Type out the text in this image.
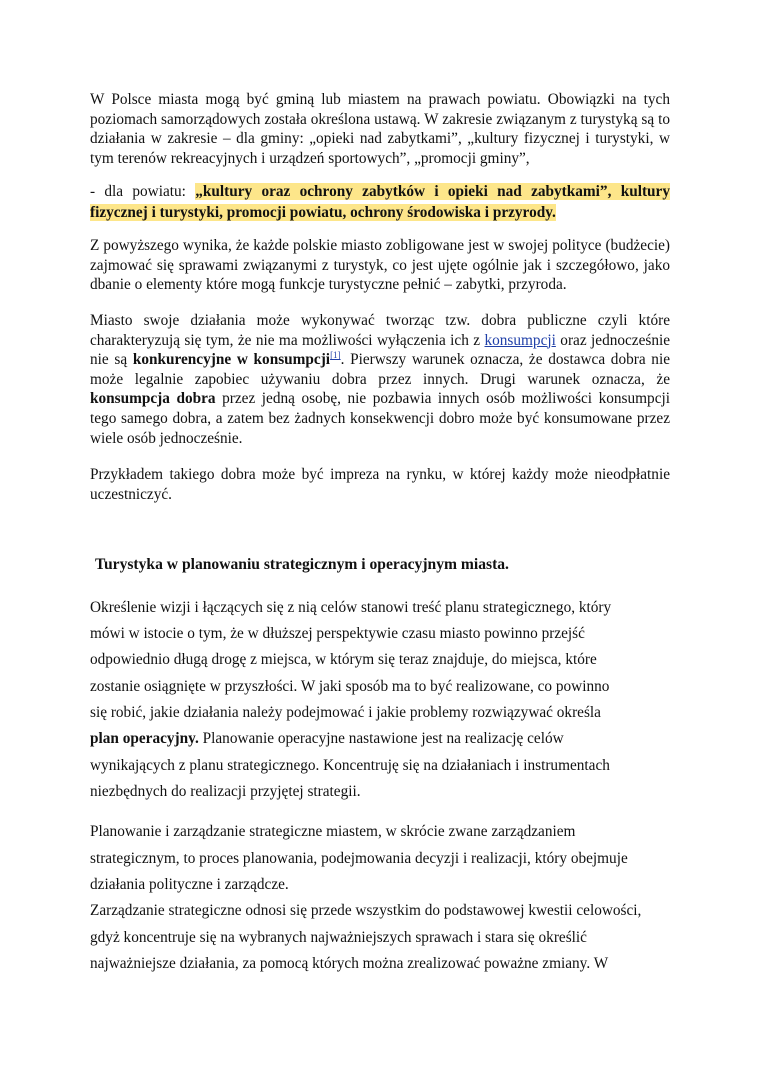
W Polsce miasta mogą być gminą lub miastem na prawach powiatu. Obowiązki na tych poziomach samorządowych została określona ustawą. W zakresie związanym z turystyką są to działania w zakresie – dla gminy: „opieki nad zabytkami”, „kultury fizycznej i turystyki, w tym terenów rekreacyjnych i urządzeń sportowych”, „promocji gminy”,

- dla powiatu: „kultury oraz ochrony zabytków i opieki nad zabytkami”, kultury fizycznej i turystyki, promocji powiatu, ochrony środowiska i przyrody.

Z powyższego wynika, że każde polskie miasto zobligowane jest w swojej polityce (budżecie) zajmować się sprawami związanymi z turystyk, co jest ujęte ogólnie jak i szczegółowo, jako dbanie o elementy które mogą funkcje turystyczne pełnić – zabytki, przyroda.

Miasto swoje działania może wykonywać tworząc tzw. dobra publiczne czyli które charakteryzują się tym, że nie ma możliwości wyłączenia ich z konsumpcji oraz jednocześnie nie są konkurencyjne w konsumpcji[1]. Pierwszy warunek oznacza, że dostawca dobra nie może legalnie zapobiec używaniu dobra przez innych. Drugi warunek oznacza, że konsumpcja dobra przez jedną osobę, nie pozbawia innych osób możliwości konsumpcji tego samego dobra, a zatem bez żadnych konsekwencji dobro może być konsumowane przez wiele osób jednocześnie.

Przykładem takiego dobra może być impreza na rynku, w której każdy może nieodpłatnie uczestniczyć.

Turystyka w planowaniu strategicznym i operacyjnym miasta.
Określenie wizji i łączących się z nią celów stanowi treść planu strategicznego, który
mówi w istocie o tym, że w dłuższej perspektywie czasu miasto powinno przejść
odpowiednio długą drogę z miejsca, w którym się teraz znajduje, do miejsca, które
zostanie osiągnięte w przyszłości. W jaki sposób ma to być realizowane, co powinno
się robić, jakie działania należy podejmować i jakie problemy rozwiązywać określa
plan operacyjny. Planowanie operacyjne nastawione jest na realizację celów
wynikających z planu strategicznego. Koncentruję się na działaniach i instrumentach
niezbędnych do realizacji przyjętej strategii.
Planowanie i zarządzanie strategiczne miastem, w skrócie zwane zarządzaniem
strategicznym, to proces planowania, podejmowania decyzji i realizacji, który obejmuje
działania polityczne i zarządcze.
Zarządzanie strategiczne odnosi się przede wszystkim do podstawowej kwestii celowości,
gdyż koncentruje się na wybranych najważniejszych sprawach i stara się określić
najważniejsze działania, za pomocą których można zrealizować poważne zmiany. W
